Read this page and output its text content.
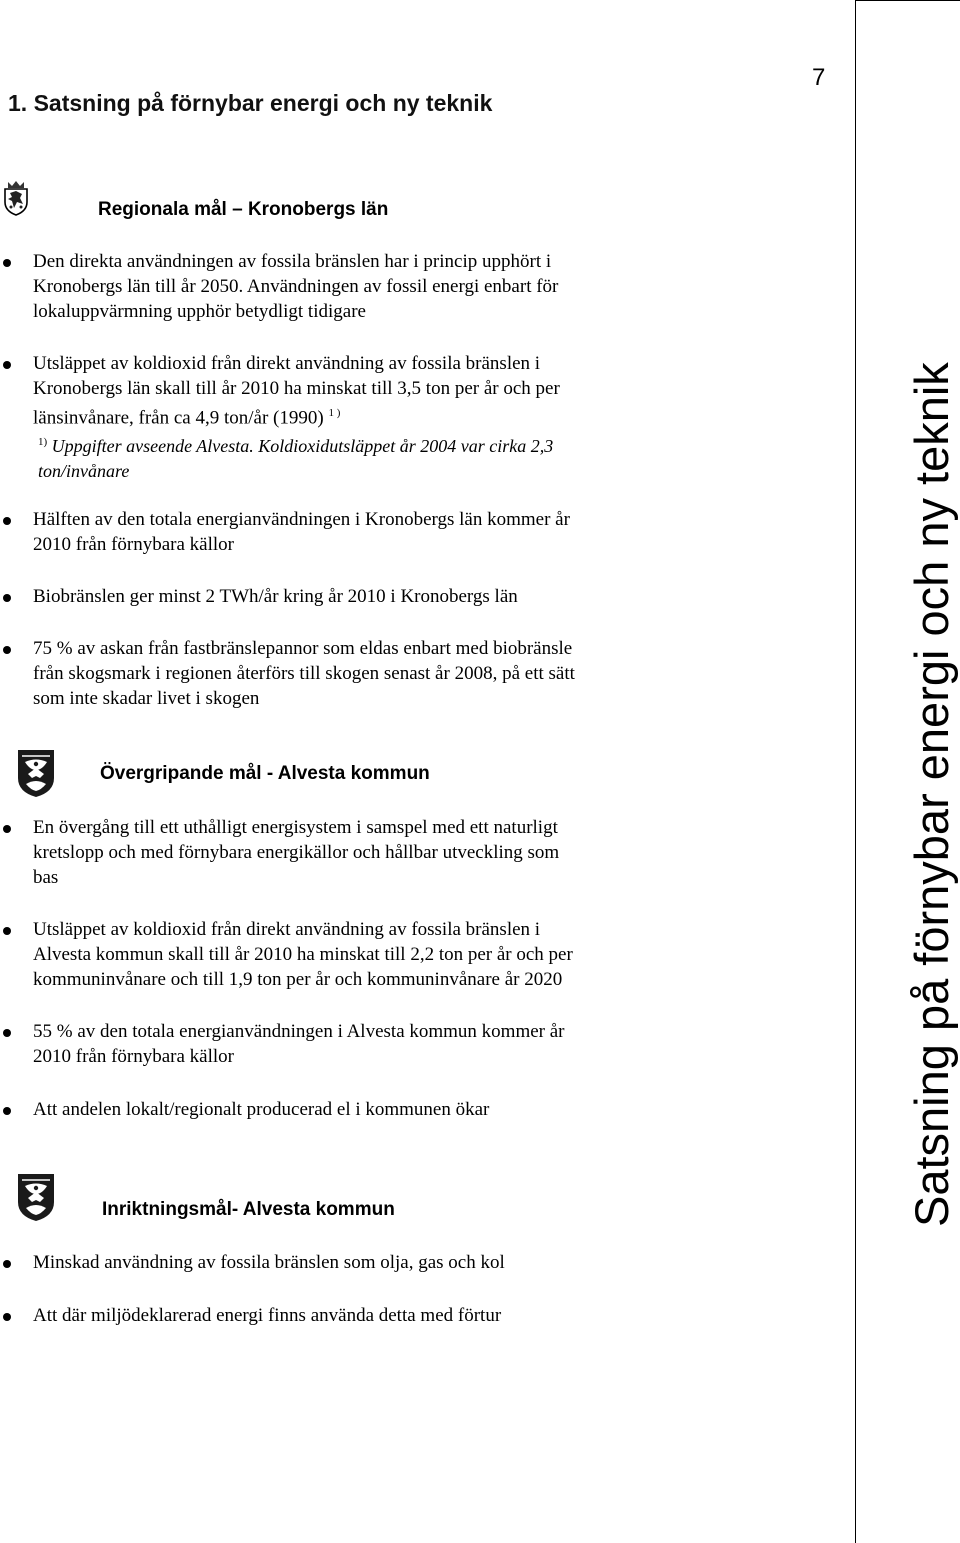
7
1. Satsning på förnybar energi och ny teknik
Satsning på förnybar energi och ny teknik
Regionala mål – Kronobergs län
Den direkta användningen av fossila bränslen har i princip upphört i
Kronobergs län till år 2050. Användningen av fossil energi enbart för
lokaluppvärmning upphör betydligt tidigare
Utsläppet av koldioxid från direkt användning av fossila bränslen i
Kronobergs län skall till år 2010 ha minskat till 3,5 ton per år och per
länsinvånare, från ca 4,9 ton/år (1990) $^{1 )}$
$^{1)}$ Uppgifter avseende Alvesta. Koldioxidutsläppet år 2004 var cirka 2,3
ton/invånare
Hälften av den totala energianvändningen i Kronobergs län kommer år
2010 från förnybara källor
Biobränslen ger minst 2 TWh/år kring år 2010 i Kronobergs län
75 % av askan från fastbränslepannor som eldas enbart med biobränsle
från skogsmark i regionen återförs till skogen senast år 2008, på ett sätt
som inte skadar livet i skogen
Övergripande mål - Alvesta kommun
En övergång till ett uthålligt energisystem i samspel med ett naturligt
kretslopp och med förnybara energikällor och hållbar utveckling som
bas
Utsläppet av koldioxid från direkt användning av fossila bränslen i
Alvesta kommun skall till år 2010 ha minskat till 2,2 ton per år och per
kommuninvånare och till 1,9 ton per år och kommuninvånare år 2020
55 % av den totala energianvändningen i Alvesta kommun kommer år
2010 från förnybara källor
Att andelen lokalt/regionalt producerad el i kommunen ökar
Inriktningsmål- Alvesta kommun
Minskad användning av fossila bränslen som olja, gas och kol
Att där miljödeklarerad energi finns använda detta med förtur
